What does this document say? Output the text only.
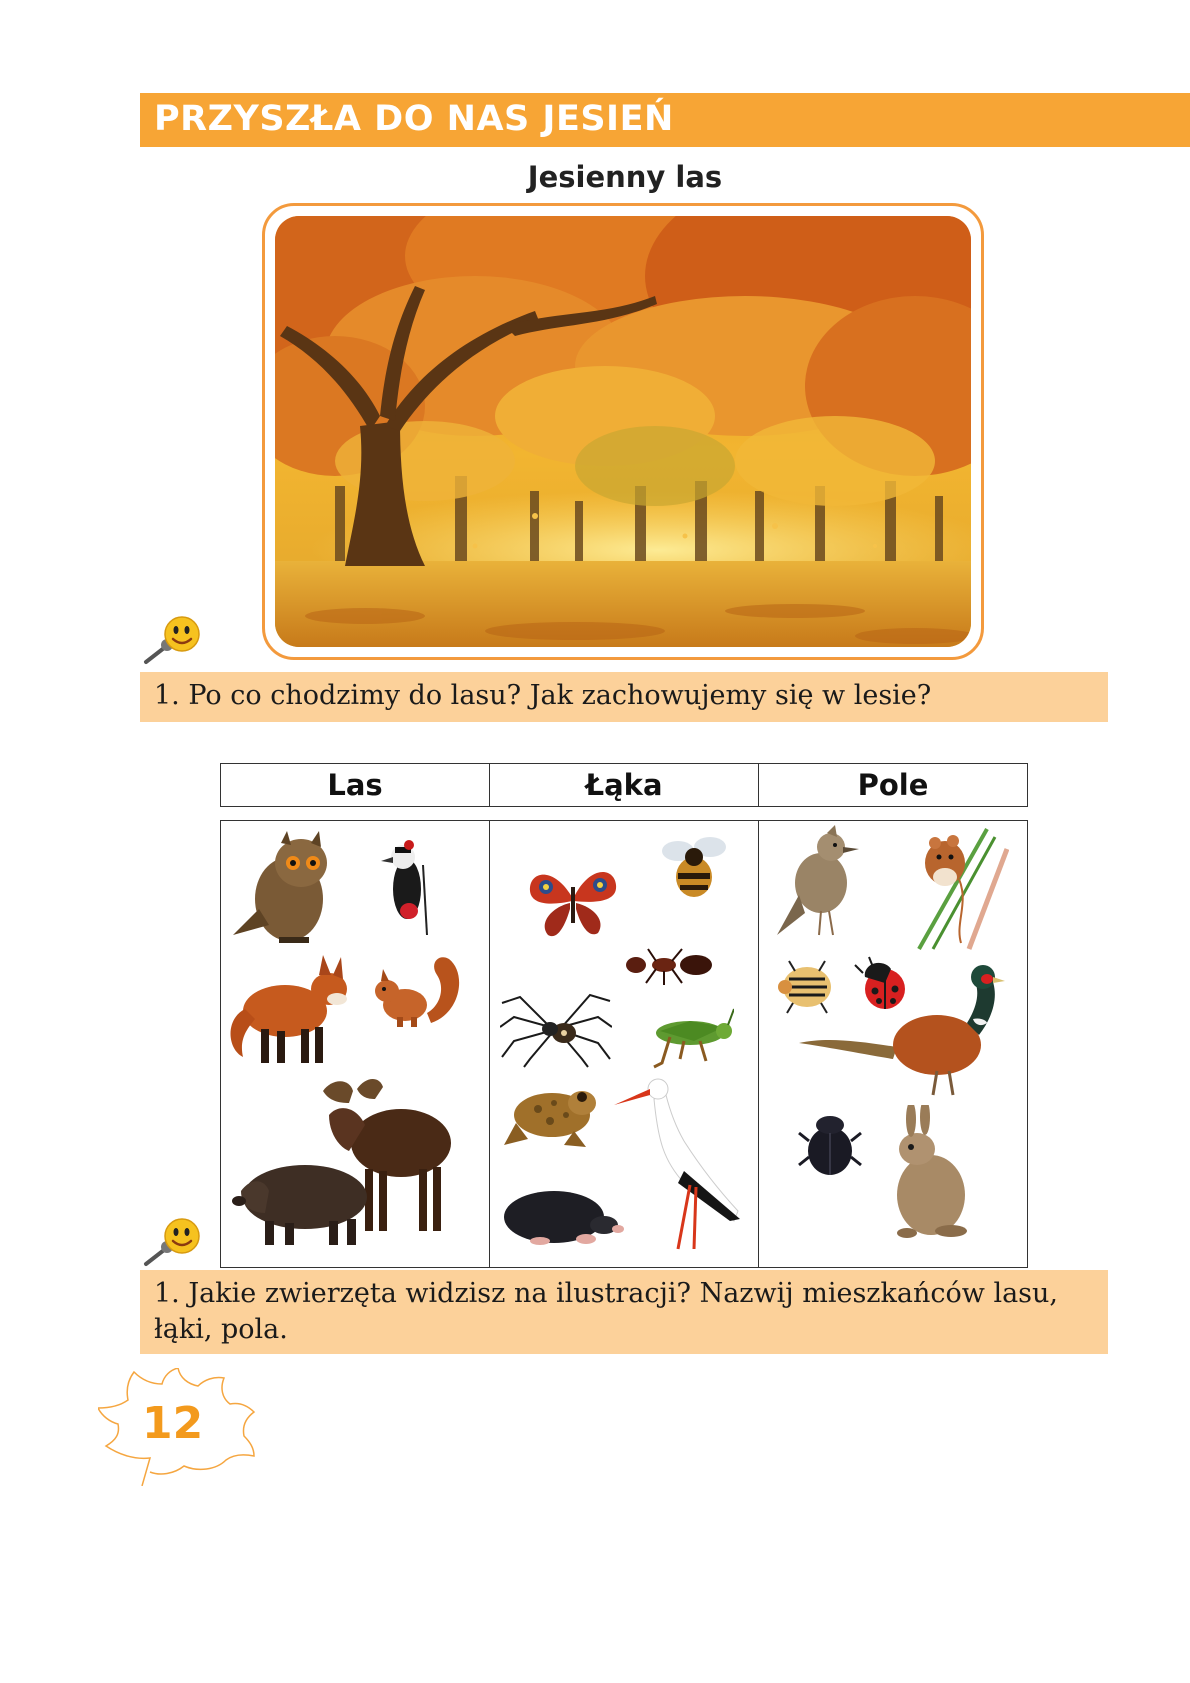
PRZYSZŁA DO NAS JESIEŃ
Jesienny las
1. Po co chodzimy do lasu? Jak zachowujemy się w lesie?
Las	Łąka	Pole
1. Jakie zwierzęta widzisz na ilustracji? Nazwij mieszkańców lasu, łąki, pola.
12
